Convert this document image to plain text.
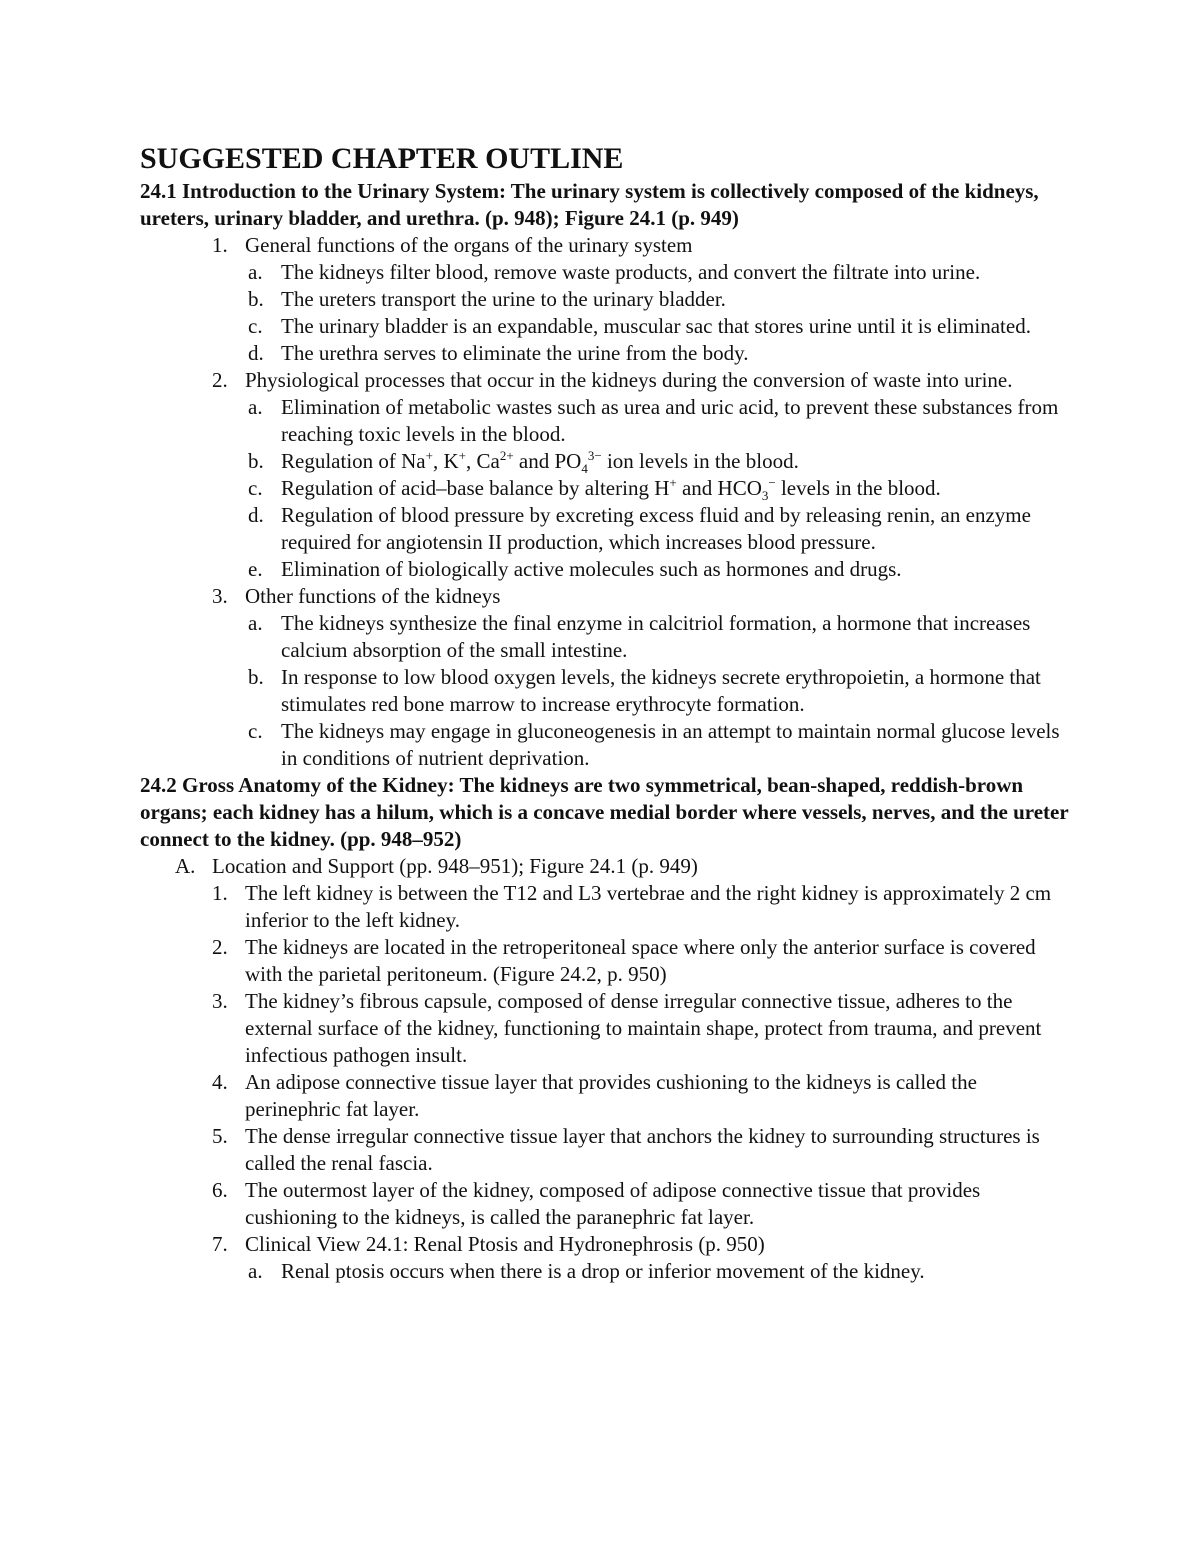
SUGGESTED CHAPTER OUTLINE

24.1 Introduction to the Urinary System: The urinary system is collectively composed of the kidneys, ureters, urinary bladder, and urethra. (p. 948); Figure 24.1 (p. 949)

1. General functions of the organs of the urinary system
a. The kidneys filter blood, remove waste products, and convert the filtrate into urine.
b. The ureters transport the urine to the urinary bladder.
c. The urinary bladder is an expandable, muscular sac that stores urine until it is eliminated.
d. The urethra serves to eliminate the urine from the body.
2. Physiological processes that occur in the kidneys during the conversion of waste into urine.
a. Elimination of metabolic wastes such as urea and uric acid, to prevent these substances from reaching toxic levels in the blood.
b. Regulation of Na+, K+, $Ca^{2+}$ and $PO_4^{3-}$ ion levels in the blood.
c. Regulation of acid–base balance by altering H+ and $HCO_3^-$ levels in the blood.
d. Regulation of blood pressure by excreting excess fluid and by releasing renin, an enzyme required for angiotensin II production, which increases blood pressure.
e. Elimination of biologically active molecules such as hormones and drugs.
3. Other functions of the kidneys
a. The kidneys synthesize the final enzyme in calcitriol formation, a hormone that increases calcium absorption of the small intestine.
b. In response to low blood oxygen levels, the kidneys secrete erythropoietin, a hormone that stimulates red bone marrow to increase erythrocyte formation.
c. The kidneys may engage in gluconeogenesis in an attempt to maintain normal glucose levels in conditions of nutrient deprivation.

24.2 Gross Anatomy of the Kidney: The kidneys are two symmetrical, bean-shaped, reddish-brown organs; each kidney has a hilum, which is a concave medial border where vessels, nerves, and the ureter connect to the kidney. (pp. 948–952)

A. Location and Support (pp. 948–951); Figure 24.1 (p. 949)
1. The left kidney is between the T12 and L3 vertebrae and the right kidney is approximately 2 cm inferior to the left kidney.
2. The kidneys are located in the retroperitoneal space where only the anterior surface is covered with the parietal peritoneum. (Figure 24.2, p. 950)
3. The kidney’s fibrous capsule, composed of dense irregular connective tissue, adheres to the external surface of the kidney, functioning to maintain shape, protect from trauma, and prevent infectious pathogen insult.
4. An adipose connective tissue layer that provides cushioning to the kidneys is called the perinephric fat layer.
5. The dense irregular connective tissue layer that anchors the kidney to surrounding structures is called the renal fascia.
6. The outermost layer of the kidney, composed of adipose connective tissue that provides cushioning to the kidneys, is called the paranephric fat layer.
7. Clinical View 24.1: Renal Ptosis and Hydronephrosis (p. 950)
a. Renal ptosis occurs when there is a drop or inferior movement of the kidney.
